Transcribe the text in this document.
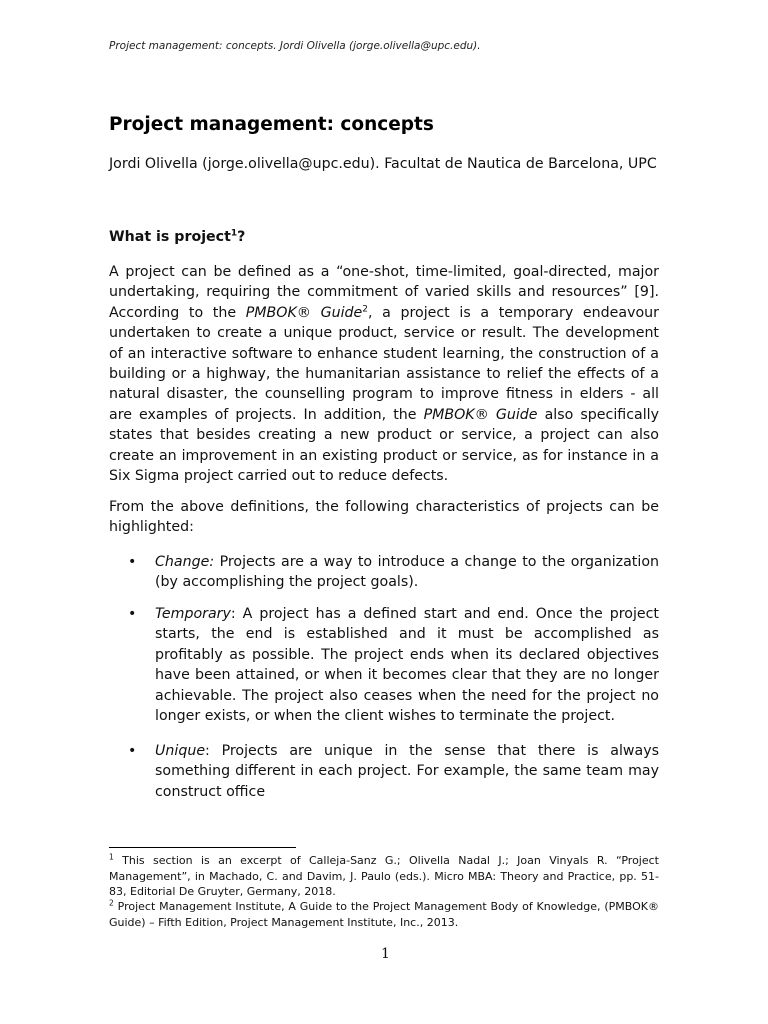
Project management: concepts. Jordi Olivella (jorge.olivella@upc.edu).
Project management: concepts
Jordi Olivella (jorge.olivella@upc.edu). Facultat de Nautica de Barcelona, UPC
What is project$^1$?
A project can be defined as a “one-shot, time-limited, goal-directed, major undertaking, requiring the commitment of varied skills and resources” [9]. According to the PMBOK® Guide$^2$, a project is a temporary endeavour undertaken to create a unique product, service or result. The development of an interactive software to enhance student learning, the construction of a building or a highway, the humanitarian assistance to relief the effects of a natural disaster, the counselling program to improve fitness in elders - all are examples of projects. In addition, the PMBOK® Guide also specifically states that besides creating a new product or service, a project can also create an improvement in an existing product or service, as for instance in a Six Sigma project carried out to reduce defects.
From the above definitions, the following characteristics of projects can be highlighted:
• Change: Projects are a way to introduce a change to the organization (by accomplishing the project goals).
• Temporary: A project has a defined start and end. Once the project starts, the end is established and it must be accomplished as profitably as possible. The project ends when its declared objectives have been attained, or when it becomes clear that they are no longer achievable. The project also ceases when the need for the project no longer exists, or when the client wishes to terminate the project.
• Unique: Projects are unique in the sense that there is always something different in each project. For example, the same team may construct office
$^1$ This section is an excerpt of Calleja-Sanz G.; Olivella Nadal J.; Joan Vinyals R. “Project Management”, in Machado, C. and Davim, J. Paulo (eds.). Micro MBA: Theory and Practice, pp. 51-83, Editorial De Gruyter, Germany, 2018.
$^2$ Project Management Institute, A Guide to the Project Management Body of Knowledge, (PMBOK® Guide) – Fifth Edition, Project Management Institute, Inc., 2013.
1
